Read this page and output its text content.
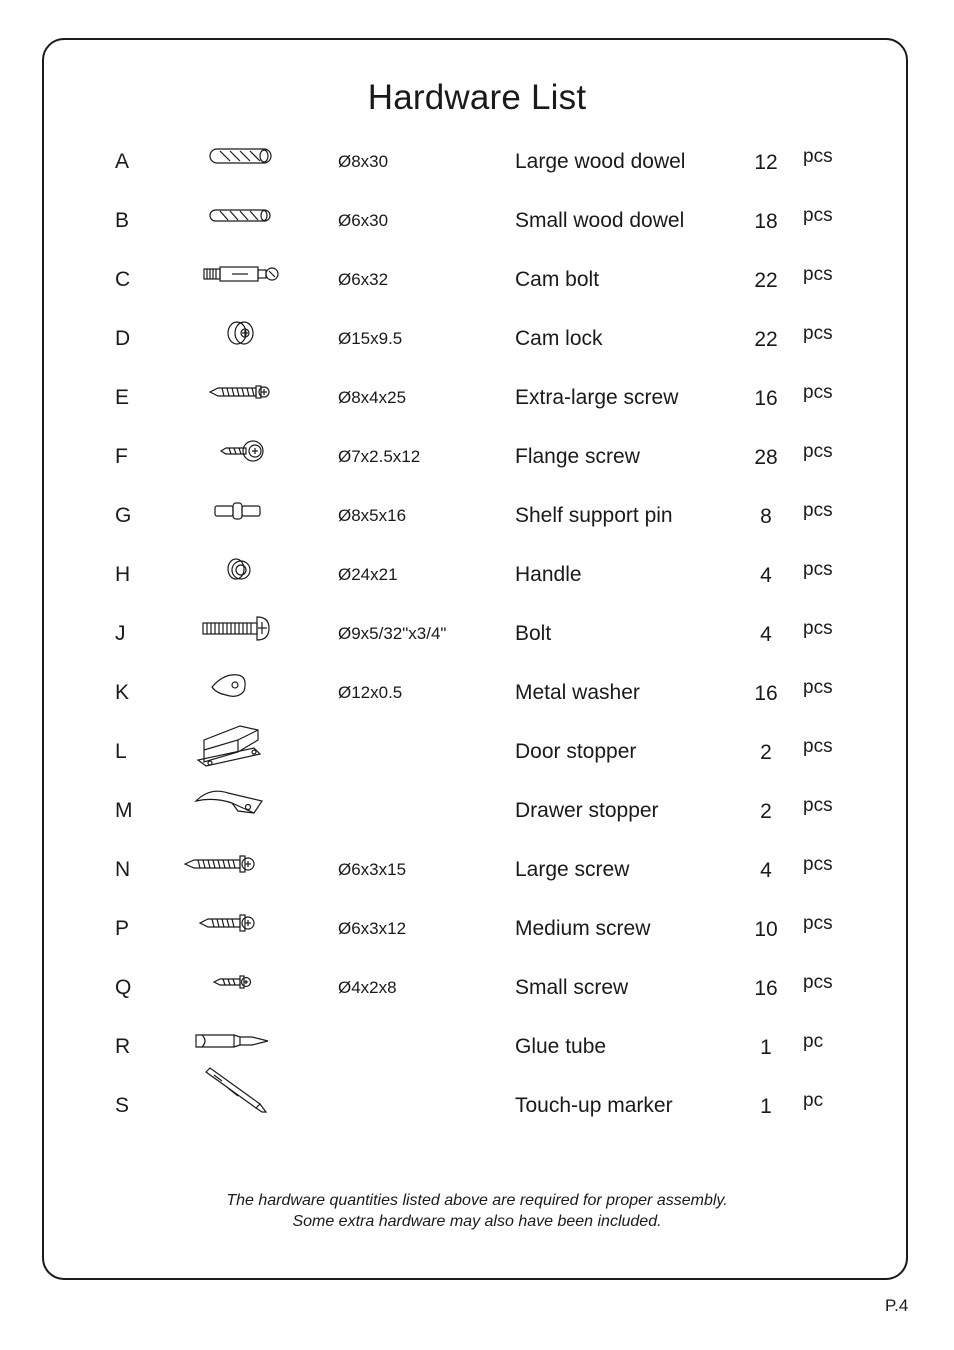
Hardware List
A	Ø8x30	Large wood dowel	12	pcs
B	Ø6x30	Small wood dowel	18	pcs
C	Ø6x32	Cam bolt	22	pcs
D	Ø15x9.5	Cam lock	22	pcs
E	Ø8x4x25	Extra-large screw	16	pcs
F	Ø7x2.5x12	Flange screw	28	pcs
G	Ø8x5x16	Shelf support pin	8	pcs
H	Ø24x21	Handle	4	pcs
J	Ø9x5/32"x3/4"	Bolt	4	pcs
K	Ø12x0.5	Metal washer	16	pcs
L	Door stopper	2	pcs
M	Drawer stopper	2	pcs
N	Ø6x3x15	Large screw	4	pcs
P	Ø6x3x12	Medium screw	10	pcs
Q	Ø4x2x8	Small screw	16	pcs
R	Glue tube	1	pc
S	Touch-up marker	1	pc
The hardware quantities listed above are required for proper assembly.
Some extra hardware may also have been included.
P.4
